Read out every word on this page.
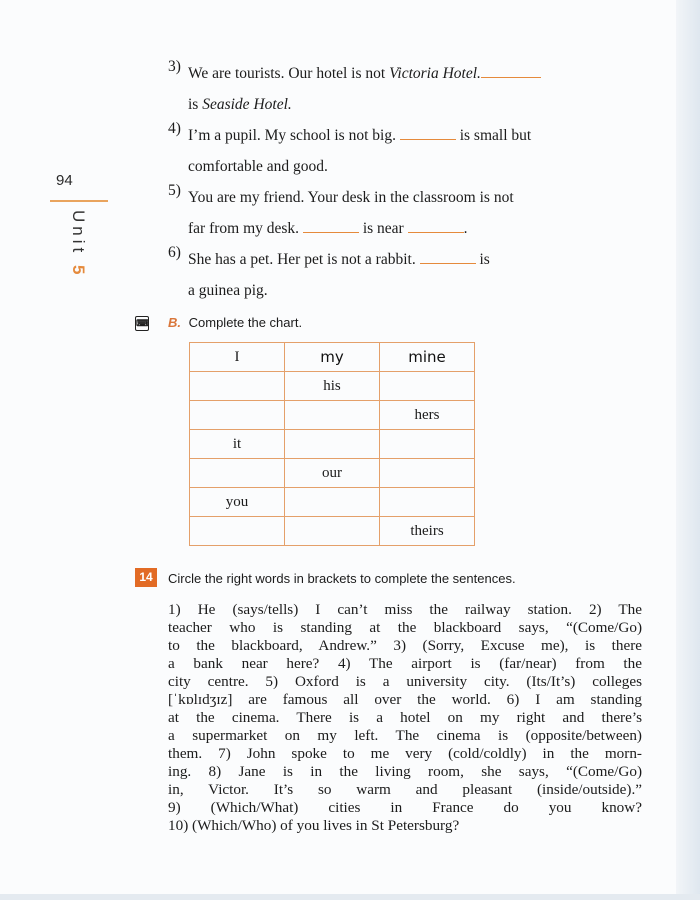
94
Unit 5
3) We are tourists. Our hotel is not Victoria Hotel.
is Seaside Hotel.
4) I’m a pupil. My school is not big.	is small but
comfortable and good.
5) You are my friend. Your desk in the classroom is not
far from my desk.	is near	.
6) She has a pet. Her pet is not a rabbit.	is
a guinea pig.
⌨ B. Complete the chart.
I	my	mine
	his	
		hers
it		
	our	
you		
		theirs
14	Circle the right words in brackets to complete the sentences.
1) He (says/tells) I can’t miss the railway station. 2) The
teacher who is standing at the blackboard says, “(Come/Go)
to the blackboard, Andrew.” 3) (Sorry, Excuse me), is there
a bank near here? 4) The airport is (far/near) from the
city centre. 5) Oxford is a university city. (Its/It’s) colleges
[ˈkɒlɪdʒɪz] are famous all over the world. 6) I am standing
at the cinema. There is a hotel on my right and there’s
a supermarket on my left. The cinema is (opposite/between)
them. 7) John spoke to me very (cold/coldly) in the morn-
ing. 8) Jane is in the living room, she says, “(Come/Go)
in, Victor. It’s so warm and pleasant (inside/outside).”
9) (Which/What) cities in France do you know?
10) (Which/Who) of you lives in St Petersburg?
